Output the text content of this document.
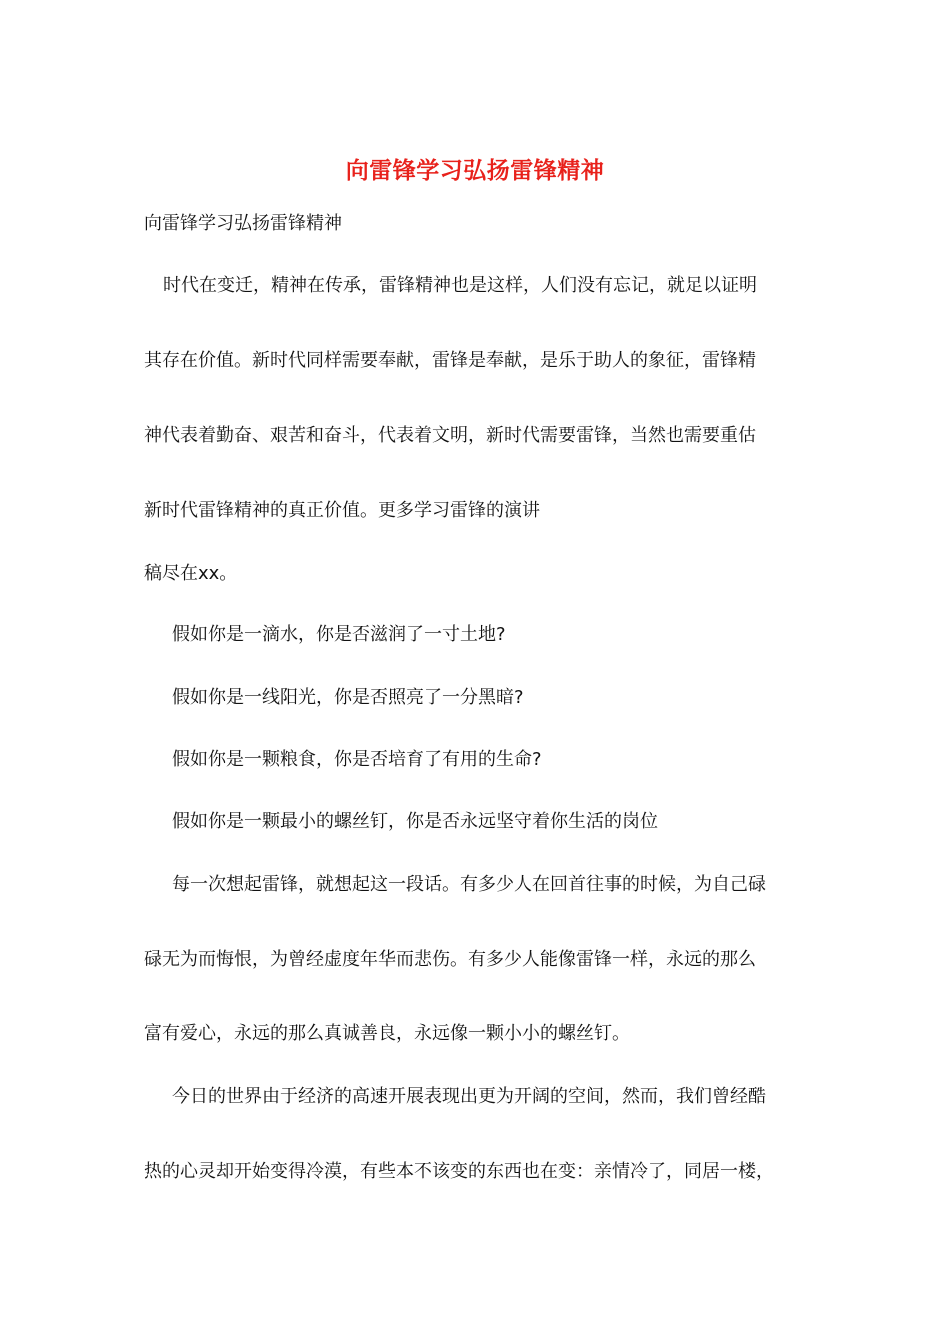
向雷锋学习弘扬雷锋精神
向雷锋学习弘扬雷锋精神
时代在变迁，精神在传承，雷锋精神也是这样，人们没有忘记，就足以证明
其存在价值。新时代同样需要奉献，雷锋是奉献，是乐于助人的象征，雷锋精
神代表着勤奋、艰苦和奋斗，代表着文明，新时代需要雷锋，当然也需要重估
新时代雷锋精神的真正价值。更多学习雷锋的演讲
稿尽在xx。
假如你是一滴水，你是否滋润了一寸土地?
假如你是一线阳光，你是否照亮了一分黑暗?
假如你是一颗粮食，你是否培育了有用的生命?
假如你是一颗最小的螺丝钉，你是否永远坚守着你生活的岗位
每一次想起雷锋，就想起这一段话。有多少人在回首往事的时候，为自己碌
碌无为而悔恨，为曾经虚度年华而悲伤。有多少人能像雷锋一样，永远的那么
富有爱心，永远的那么真诚善良，永远像一颗小小的螺丝钉。
今日的世界由于经济的高速开展表现出更为开阔的空间，然而，我们曾经酷
热的心灵却开始变得冷漠，有些本不该变的东西也在变：亲情冷了，同居一楼，
